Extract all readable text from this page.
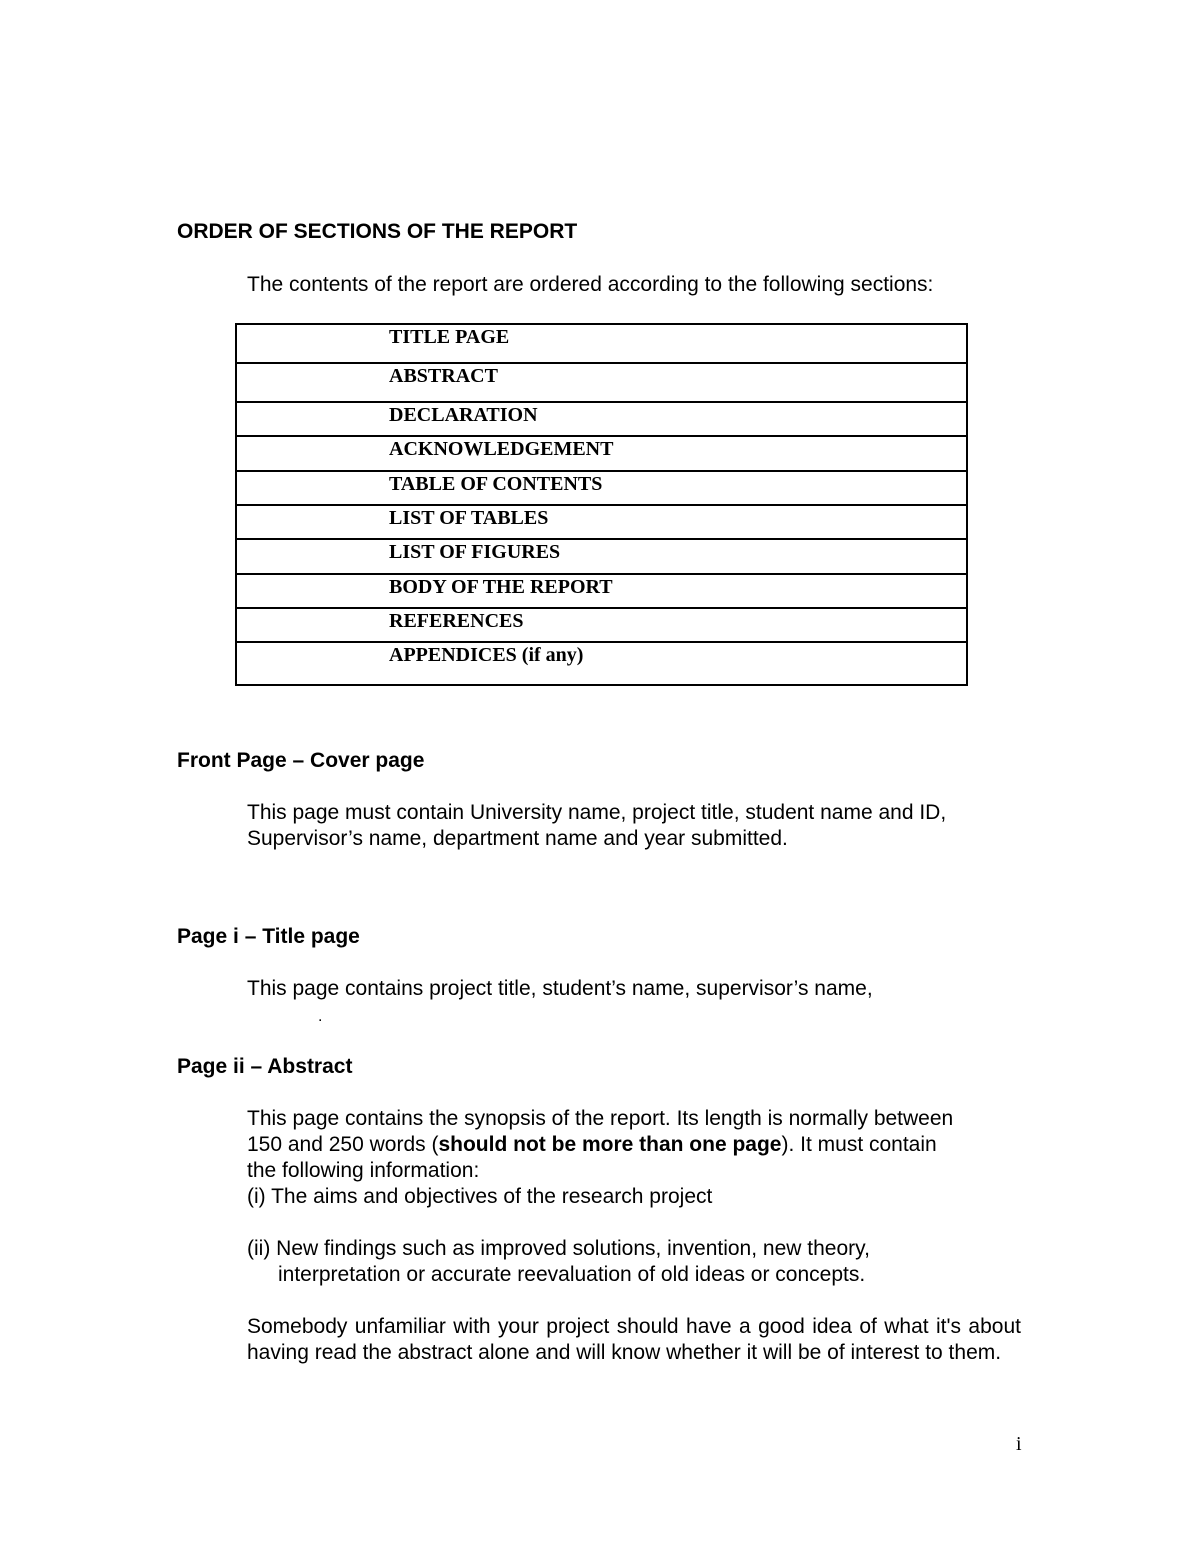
ORDER OF SECTIONS OF THE REPORT
The contents of the report are ordered according to the following sections:
TITLE PAGE
ABSTRACT
DECLARATION
ACKNOWLEDGEMENT
TABLE OF CONTENTS
LIST OF TABLES
LIST OF FIGURES
BODY OF THE REPORT
REFERENCES
APPENDICES (if any)
Front Page – Cover page
This page must contain University name, project title, student name and ID,
Supervisor’s name, department name and year submitted.
Page i – Title page
This page contains project title, student’s name, supervisor’s name,
.
Page ii – Abstract
This page contains the synopsis of the report. Its length is normally between
150 and 250 words (should not be more than one page). It must contain
the following information:
(i) The aims and objectives of the research project
(ii) New findings such as improved solutions, invention, new theory,
interpretation or accurate reevaluation of old ideas or concepts.
Somebody unfamiliar with your project should have a good idea of what it's about having read the abstract alone and will know whether it will be of interest to them.
i
